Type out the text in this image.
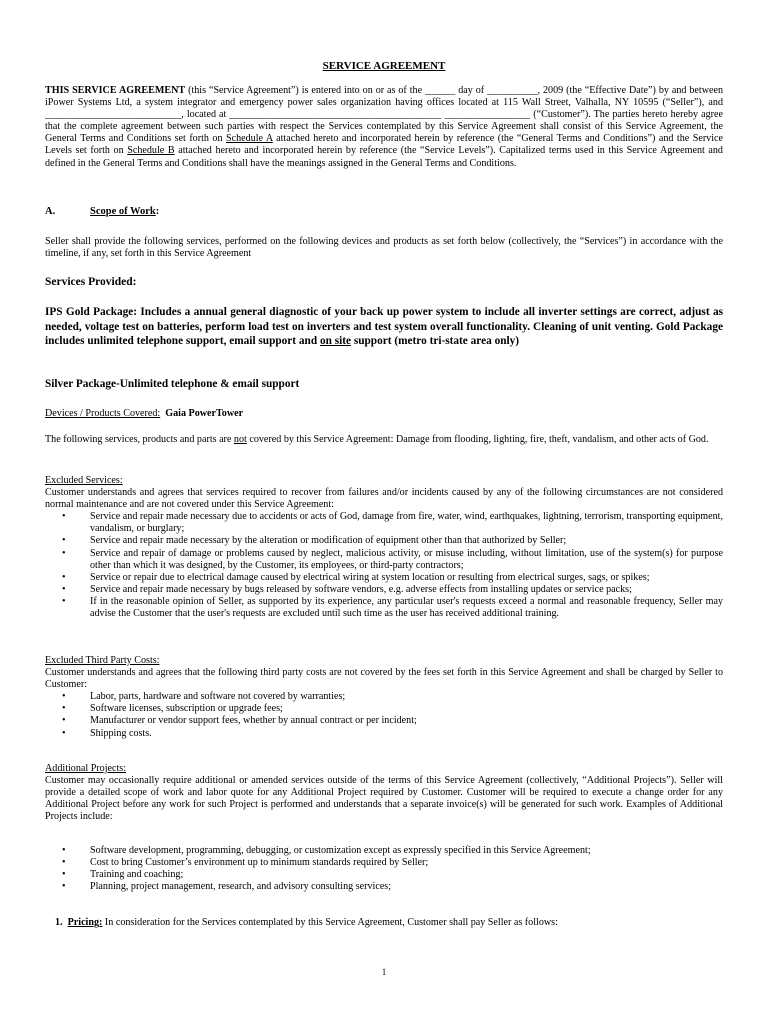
SERVICE AGREEMENT
THIS SERVICE AGREEMENT (this “Service Agreement”) is entered into on or as of the ______ day of __________, 2009 (the “Effective Date”) by and between iPower Systems Ltd, a system integrator and emergency power sales organization having offices located at 115 Wall Street, Valhalla, NY 10595 (“Seller”), and ___________________________, located at __________________________________________ _________________ (“Customer”). The parties hereto hereby agree that the complete agreement between such parties with respect the Services contemplated by this Service Agreement shall consist of this Service Agreement, the General Terms and Conditions set forth on Schedule A attached hereto and incorporated herein by reference (the “General Terms and Conditions”) and the Service Levels set forth on Schedule B attached hereto and incorporated herein by reference (the “Service Levels”). Capitalized terms used in this Service Agreement and defined in the General Terms and Conditions shall have the meanings assigned in the General Terms and Conditions.
A.	Scope of Work:
Seller shall provide the following services, performed on the following devices and products as set forth below (collectively, the “Services”) in accordance with the timeline, if any, set forth in this Service Agreement
Services Provided:
IPS Gold Package: Includes a annual general diagnostic of your back up power system to include all inverter settings are correct, adjust as needed, voltage test on batteries, perform load test on inverters and test system overall functionality. Cleaning of unit venting. Gold Package includes unlimited telephone support, email support and on site support (metro tri-state area only)
Silver Package-Unlimited telephone & email support
Devices / Products Covered: Gaia PowerTower
The following services, products and parts are not covered by this Service Agreement: Damage from flooding, lighting, fire, theft, vandalism, and other acts of God.
Excluded Services:
Customer understands and agrees that services required to recover from failures and/or incidents caused by any of the following circumstances are not considered normal maintenance and are not covered under this Service Agreement:
• Service and repair made necessary due to accidents or acts of God, damage from fire, water, wind, earthquakes, lightning, terrorism, transporting equipment, vandalism, or burglary;
• Service and repair made necessary by the alteration or modification of equipment other than that authorized by Seller;
• Service and repair of damage or problems caused by neglect, malicious activity, or misuse including, without limitation, use of the system(s) for purpose other than which it was designed, by the Customer, its employees, or third-party contractors;
• Service or repair due to electrical damage caused by electrical wiring at system location or resulting from electrical surges, sags, or spikes;
• Service and repair made necessary by bugs released by software vendors, e.g. adverse effects from installing updates or service packs;
• If in the reasonable opinion of Seller, as supported by its experience, any particular user's requests exceed a normal and reasonable frequency, Seller may advise the Customer that the user's requests are excluded until such time as the user has received additional training.
Excluded Third Party Costs:
Customer understands and agrees that the following third party costs are not covered by the fees set forth in this Service Agreement and shall be charged by Seller to Customer:
• Labor, parts, hardware and software not covered by warranties;
• Software licenses, subscription or upgrade fees;
• Manufacturer or vendor support fees, whether by annual contract or per incident;
• Shipping costs.
Additional Projects:
Customer may occasionally require additional or amended services outside of the terms of this Service Agreement (collectively, “Additional Projects”). Seller will provide a detailed scope of work and labor quote for any Additional Project required by Customer. Customer will be required to execute a change order for any Additional Project before any work for such Project is performed and understands that a separate invoice(s) will be generated for such work. Examples of Additional Projects include:
• Software development, programming, debugging, or customization except as expressly specified in this Service Agreement;
• Cost to bring Customer’s environment up to minimum standards required by Seller;
• Training and coaching;
• Planning, project management, research, and advisory consulting services;
1. Pricing: In consideration for the Services contemplated by this Service Agreement, Customer shall pay Seller as follows:
1
